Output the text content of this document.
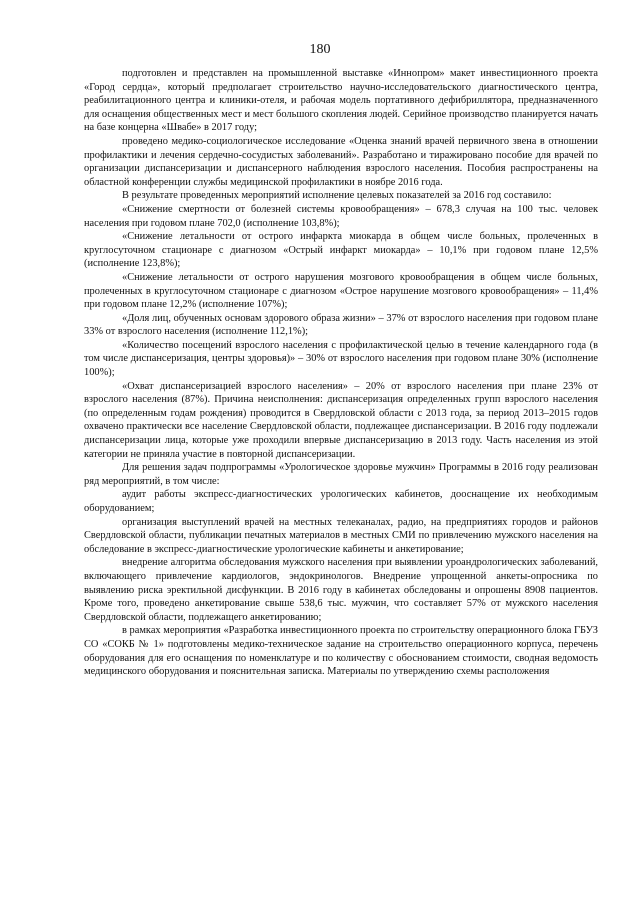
180

подготовлен и представлен на промышленной выставке «Иннопром» макет инвестиционного проекта «Город сердца», который предполагает строительство научно-исследовательского диагностического центра, реабилитационного центра и клиники-отеля, и рабочая модель портативного дефибриллятора, предназначенного для оснащения общественных мест и мест большого скопления людей. Серийное производство планируется начать на базе концерна «Швабе» в 2017 году;

проведено медико-социологическое исследование «Оценка знаний врачей первичного звена в отношении профилактики и лечения сердечно-сосудистых заболеваний». Разработано и тиражировано пособие для врачей по организации диспансеризации и диспансерного наблюдения взрослого населения. Пособия распространены на областной конференции службы медицинской профилактики в ноябре 2016 года.

В результате проведенных мероприятий исполнение целевых показателей за 2016 год составило:

«Снижение смертности от болезней системы кровообращения» – 678,3 случая на 100 тыс. человек населения при годовом плане 702,0 (исполнение 103,8%);

«Снижение летальности от острого инфаркта миокарда в общем числе больных, пролеченных в круглосуточном стационаре с диагнозом «Острый инфаркт миокарда» – 10,1% при годовом плане 12,5% (исполнение 123,8%);

«Снижение летальности от острого нарушения мозгового кровообращения в общем числе больных, пролеченных в круглосуточном стационаре с диагнозом «Острое нарушение мозгового кровообращения» – 11,4% при годовом плане 12,2% (исполнение 107%);

«Доля лиц, обученных основам здорового образа жизни» – 37% от взрослого населения при годовом плане 33% от взрослого населения (исполнение 112,1%);

«Количество посещений взрослого населения с профилактической целью в течение календарного года (в том числе диспансеризация, центры здоровья)» – 30% от взрослого населения при годовом плане 30% (исполнение 100%);

«Охват диспансеризацией взрослого населения» – 20% от взрослого населения при плане 23% от взрослого населения (87%). Причина неисполнения: диспансеризация определенных групп взрослого населения (по определенным годам рождения) проводится в Свердловской области с 2013 года, за период 2013–2015 годов охвачено практически все население Свердловской области, подлежащее диспансеризации. В 2016 году подлежали диспансеризации лица, которые уже проходили впервые диспансеризацию в 2013 году. Часть населения из этой категории не приняла участие в повторной диспансеризации.

Для решения задач подпрограммы «Урологическое здоровье мужчин» Программы в 2016 году реализован ряд мероприятий, в том числе:

аудит работы экспресс-диагностических урологических кабинетов, дооснащение их необходимым оборудованием;

организация выступлений врачей на местных телеканалах, радио, на предприятиях городов и районов Свердловской области, публикации печатных материалов в местных СМИ по привлечению мужского населения на обследование в экспресс-диагностические урологические кабинеты и анкетирование;

внедрение алгоритма обследования мужского населения при выявлении уроандрологических заболеваний, включающего привлечение кардиологов, эндокринологов. Внедрение упрощенной анкеты-опросника по выявлению риска эректильной дисфункции. В 2016 году в кабинетах обследованы и опрошены 8908 пациентов. Кроме того, проведено анкетирование свыше 538,6 тыс. мужчин, что составляет 57% от мужского населения Свердловской области, подлежащего анкетированию;

в рамках мероприятия «Разработка инвестиционного проекта по строительству операционного блока ГБУЗ СО «СОКБ № 1» подготовлены медико-техническое задание на строительство операционного корпуса, перечень оборудования для его оснащения по номенклатуре и по количеству с обоснованием стоимости, сводная ведомость медицинского оборудования и пояснительная записка. Материалы по утверждению схемы расположения
